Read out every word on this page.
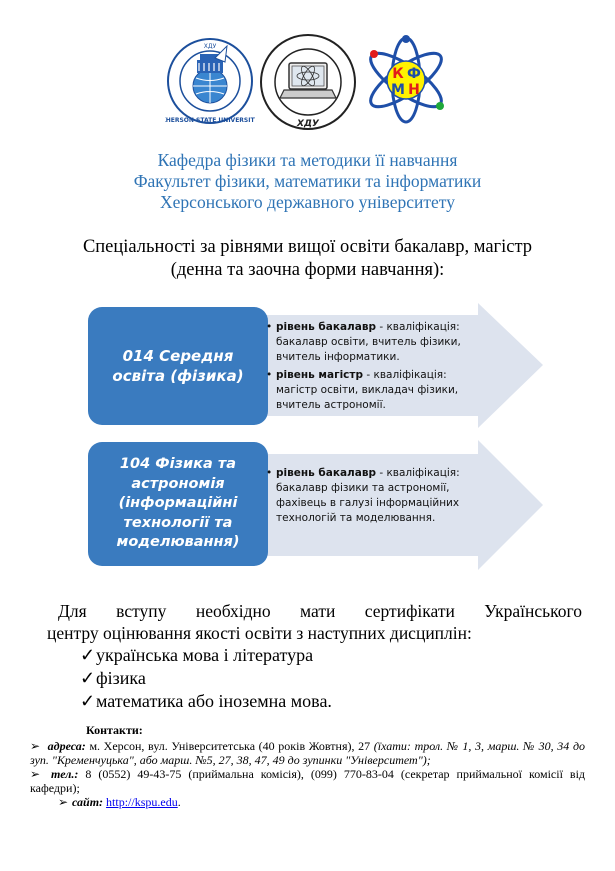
ХДУ
KHERSON STATE UNIVERSITY	ХДУ
К Ф
М Н
Кафедра фізики та методики її навчання
Факультет фізики, математики та інформатики
Херсонського державного університету
Спеціальності за рівнями вищої освіти бакалавр, магістр
(денна та заочна форми навчання):
014 Середня
освіта (фізика)
• рівень бакалавр - кваліфікація:
бакалавр освіти, вчитель фізики,
вчитель інформатики.
• рівень магістр - кваліфікація:
магістр освіти, викладач фізики,
вчитель астрономії.
104 Фізика та
астрономія
(інформаційні
технології та
моделювання)
• рівень бакалавр - кваліфікація:
бакалавр фізики та астрономії,
фахівець в галузі інформаційних
технологій та моделювання.
Для вступу необхідно мати сертифікати Українського
центру оцінювання якості освіти з наступних дисциплін:
✓українська мова і література
✓фізика
✓математика або іноземна мова.
Контакти:
➢ адреса: м. Херсон, вул. Університетська (40 років Жовтня), 27 (їхати: трол. № 1, 3, марш. № 30, 34 до зуп. "Кременчуцька", або марш. №5, 27, 38, 47, 49 до зупинки "Університет");
➢ тел.: 8 (0552) 49-43-75 (приймальна комісія), (099) 770-83-04 (секретар приймальної комісії від кафедри);
➢ сайт: http://kspu.edu.
